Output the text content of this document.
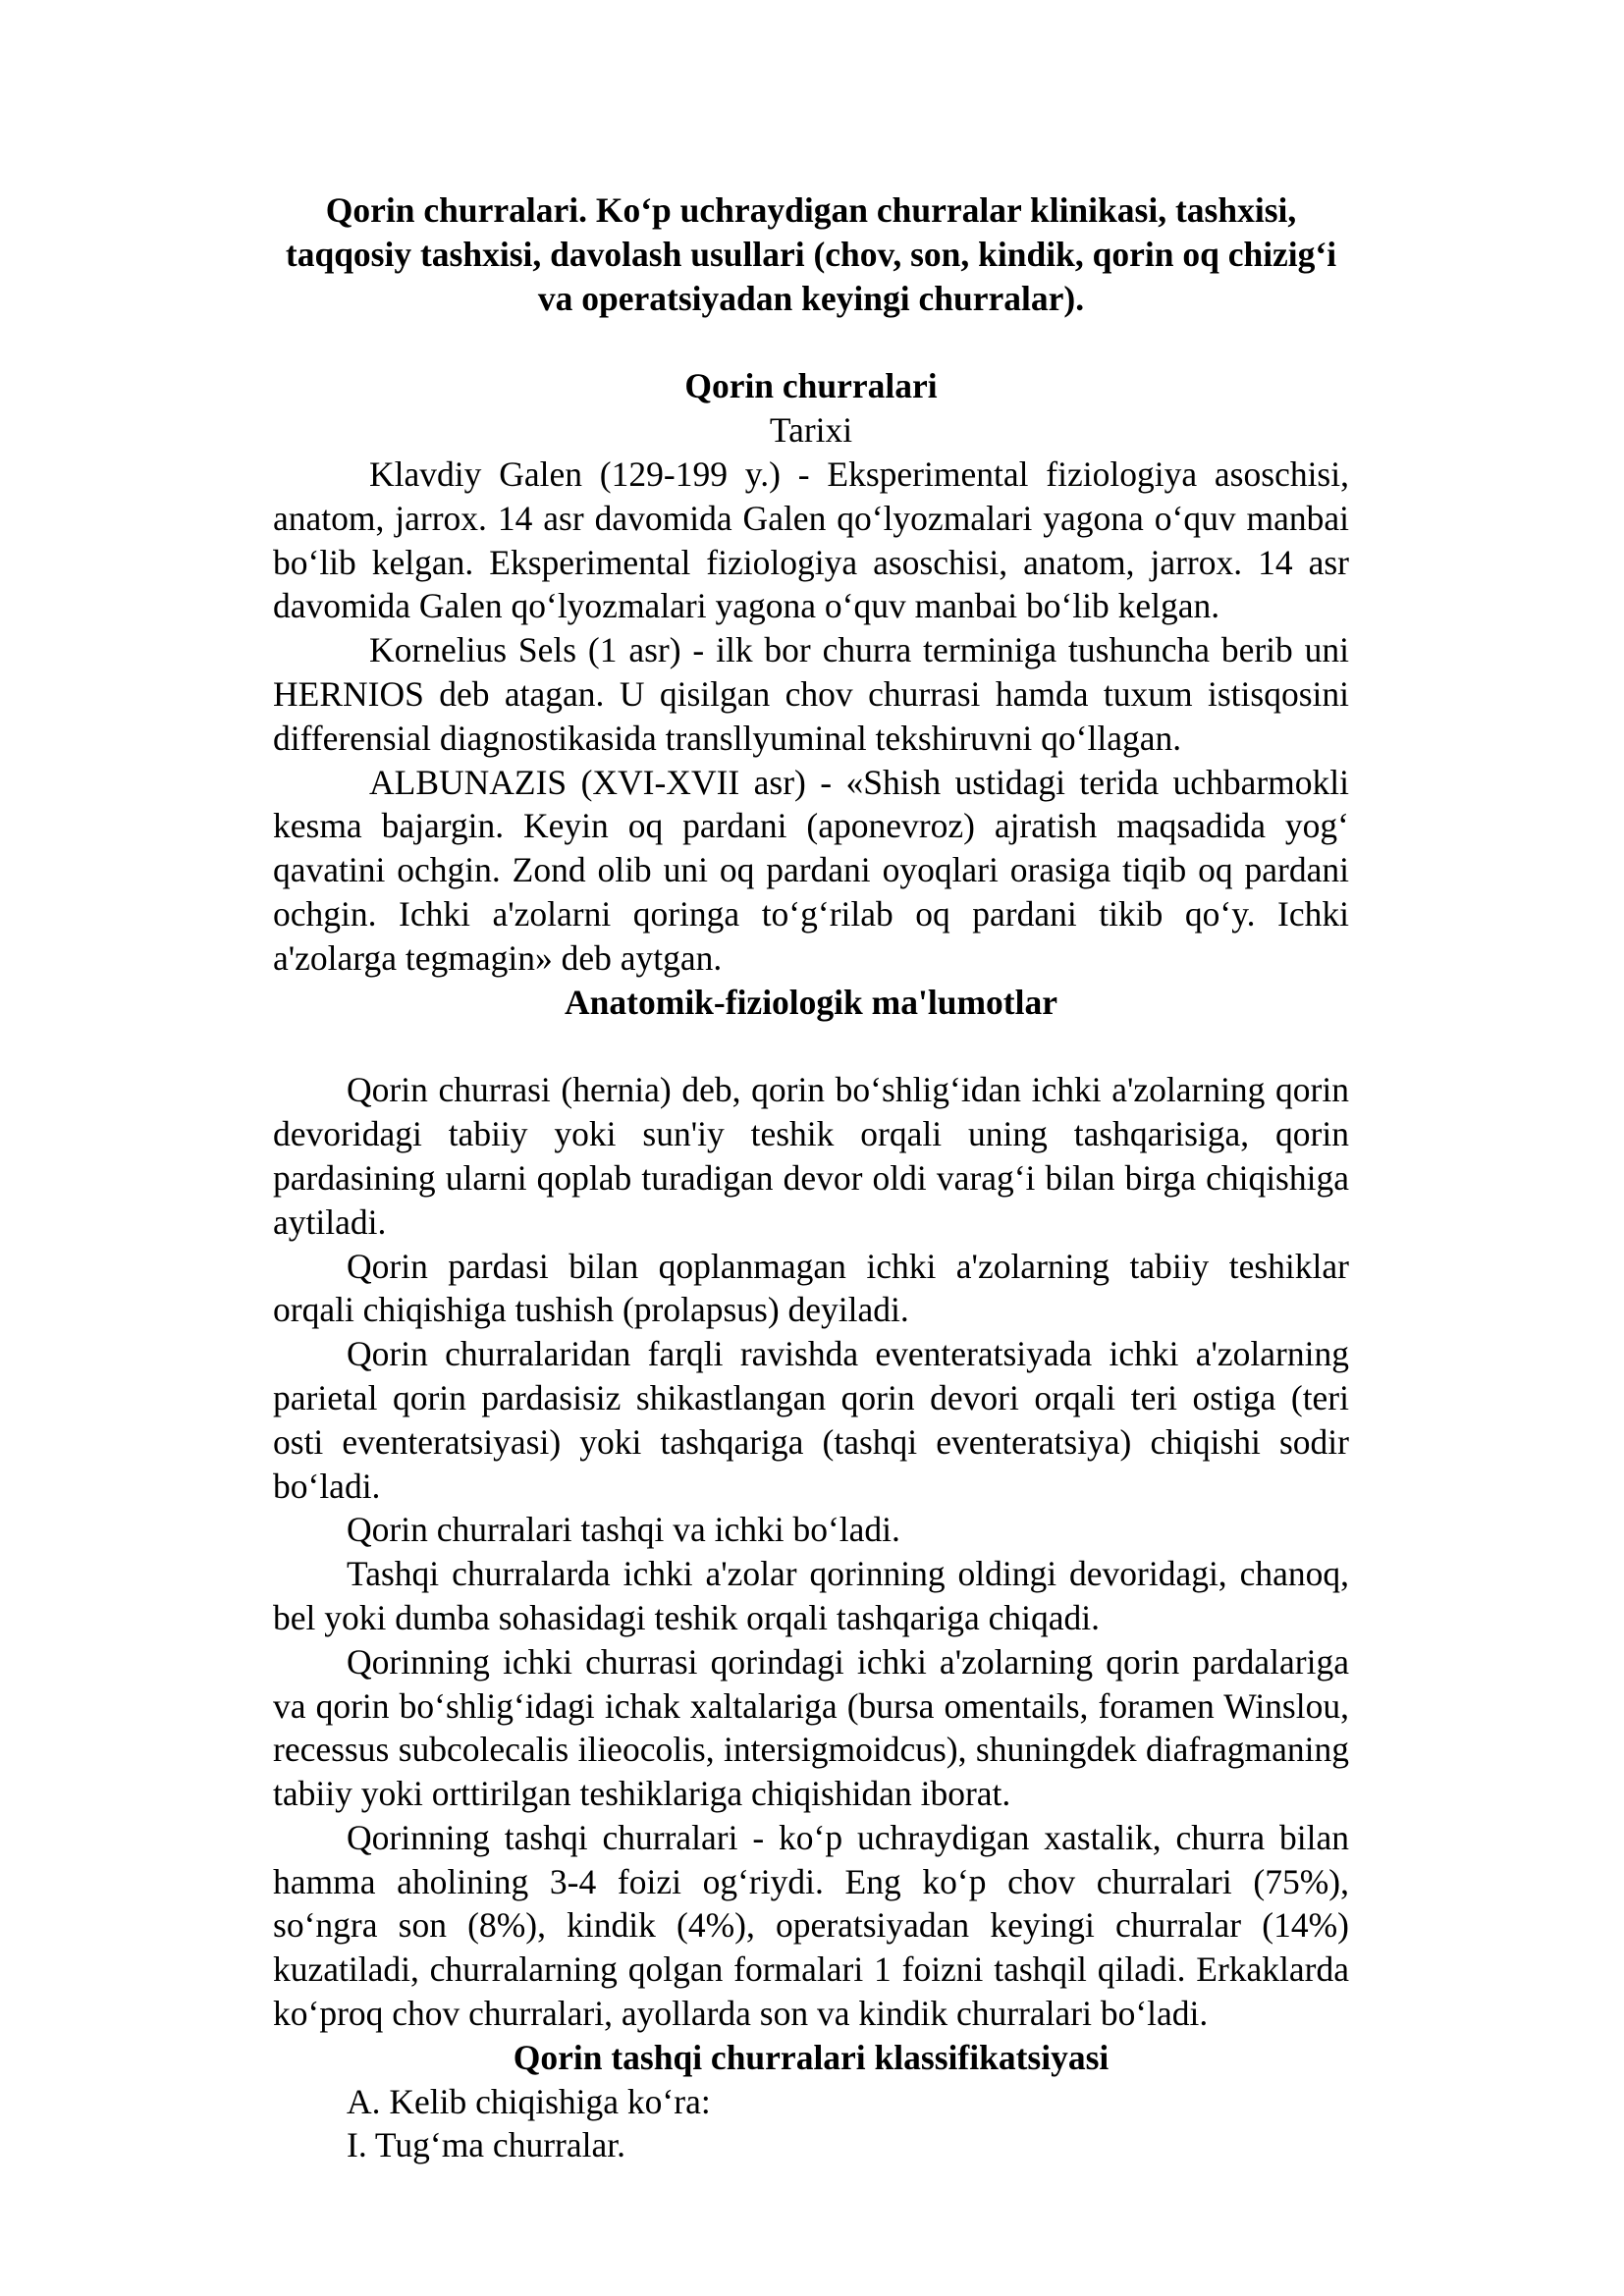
Qorin churralari. Ko‘p uchraydigan churralar klinikasi, tashxisi, taqqosiy tashxisi, davolash usullari (chov, son, kindik, qorin oq chizig‘i va operatsiyadan keyingi churralar).
Qorin churralari
Tarixi

Klavdiy Galen (129-199 y.) - Eksperimental fiziologiya asoschisi, anatom, jarrox. 14 asr davomida Galen qo‘lyozmalari yagona o‘quv manbai bo‘lib kelgan. Eksperimental fiziologiya asoschisi, anatom, jarrox. 14 asr davomida Galen qo‘lyozmalari yagona o‘quv manbai bo‘lib kelgan.

Kornelius Sels (1 asr) - ilk bor churra terminiga tushuncha berib uni HERNIOS deb atagan. U qisilgan chov churrasi hamda tuxum istisqosini differensial diagnostikasida transllyuminal tekshiruvni qo‘llagan.

ALBUNAZIS (XVI-XVII asr) - «Shish ustidagi terida uchbarmokli kesma bajargin. Keyin oq pardani (aponevroz) ajratish maqsadida yog‘ qavatini ochgin. Zond olib uni oq pardani oyoqlari orasiga tiqib oq pardani ochgin. Ichki a'zolarni qoringa to‘g‘rilab oq pardani tikib qo‘y. Ichki a'zolarga tegmagin» deb aytgan.

Anatomik-fiziologik ma'lumotlar

Qorin churrasi (hernia) deb, qorin bo‘shlig‘idan ichki a'zolarning qorin devoridagi tabiiy yoki sun'iy teshik orqali uning tashqarisiga, qorin pardasining ularni qoplab turadigan devor oldi varag‘i bilan birga chiqishiga aytiladi.

Qorin pardasi bilan qoplanmagan ichki a'zolarning tabiiy teshiklar orqali chiqishiga tushish (prolapsus) deyiladi.

Qorin churralaridan farqli ravishda eventeratsiyada ichki a'zolarning parietal qorin pardasisiz shikastlangan qorin devori orqali teri ostiga (teri osti eventeratsiyasi) yoki tashqariga (tashqi eventeratsiya) chiqishi sodir bo‘ladi.

Qorin churralari tashqi va ichki bo‘ladi.

Tashqi churralarda ichki a'zolar qorinning oldingi devoridagi, chanoq, bel yoki dumba sohasidagi teshik orqali tashqariga chiqadi.

Qorinning ichki churrasi qorindagi ichki a'zolarning qorin pardalariga va qorin bo‘shlig‘idagi ichak xaltalariga (bursa omentails, foramen Winslou, recessus subcolecalis ilieocolis, intersigmoidcus), shuningdek diafragmaning tabiiy yoki orttirilgan teshiklariga chiqishidan iborat.

Qorinning tashqi churralari - ko‘p uchraydigan xastalik, churra bilan hamma aholining 3-4 foizi og‘riydi. Eng ko‘p chov churralari (75%), so‘ngra son (8%), kindik (4%), operatsiyadan keyingi churralar (14%) kuzatiladi, churralarning qolgan formalari 1 foizni tashqil qiladi. Erkaklarda ko‘proq chov churralari, ayollarda son va kindik churralari bo‘ladi.

Qorin tashqi churralari klassifikatsiyasi
A. Kelib chiqishiga ko‘ra:
I. Tug‘ma churralar.
